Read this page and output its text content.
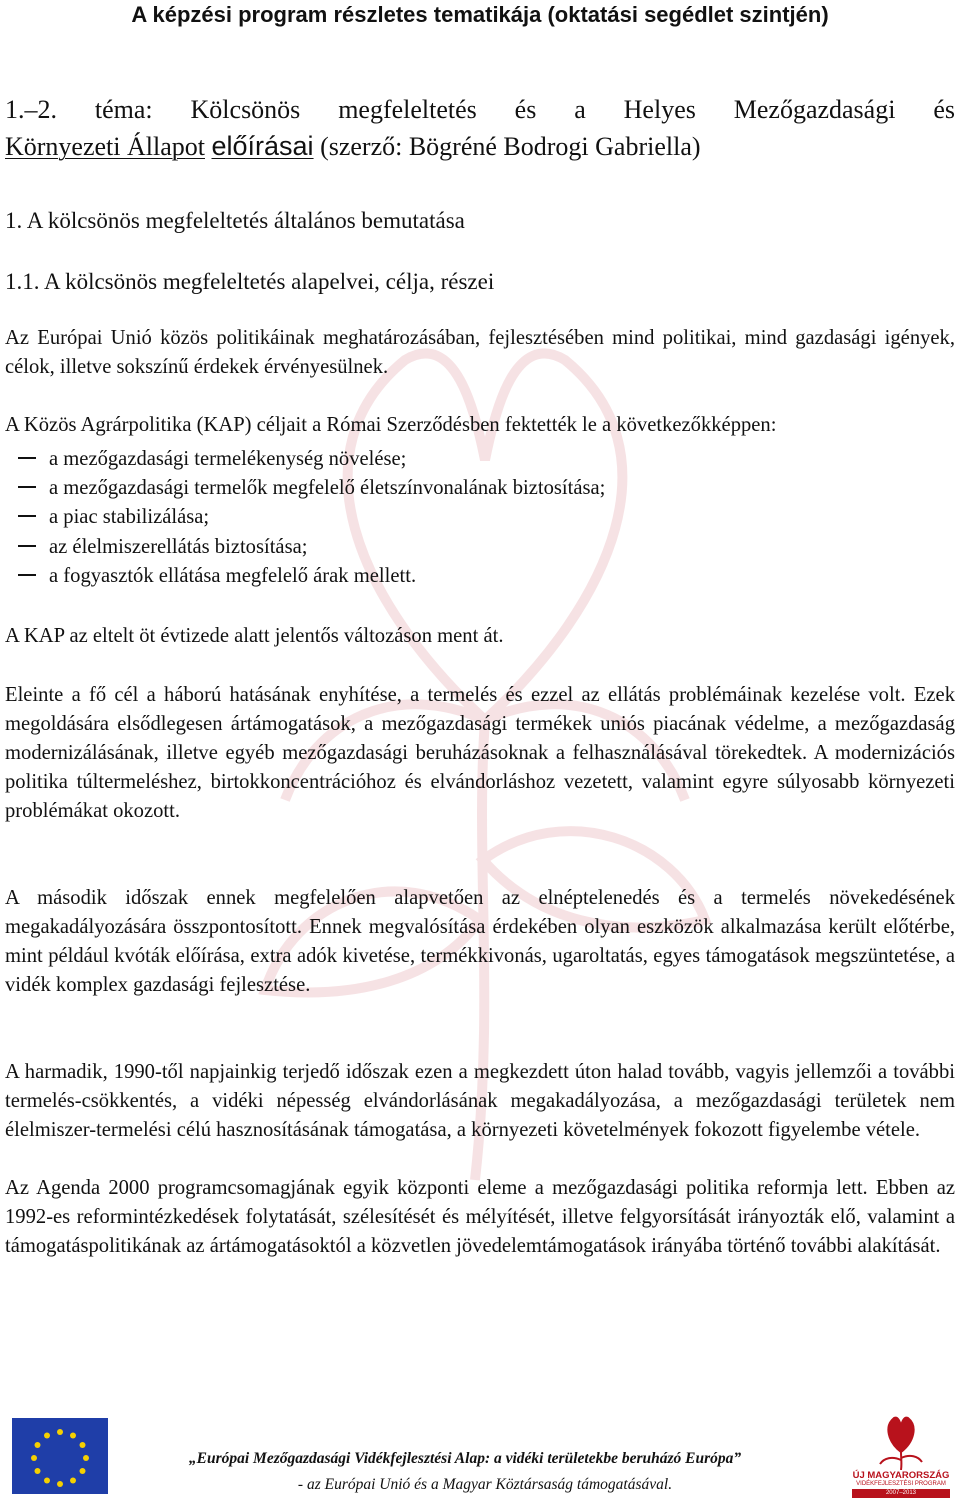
A képzési program részletes tematikája (oktatási segédlet szintjén)
1.–2. téma: Kölcsönös megfeleltetés és a Helyes Mezőgazdasági és
Környezeti Állapot előírásai (szerző: Bögréné Bodrogi Gabriella)
1. A kölcsönös megfeleltetés általános bemutatása
1.1. A kölcsönös megfeleltetés alapelvei, célja, részei

Az Európai Unió közös politikáinak meghatározásában, fejlesztésében mind politikai, mind gazdasági igények, célok, illetve sokszínű érdekek érvényesülnek.

A Közös Agrárpolitika (KAP) céljait a Római Szerződésben fektették le a következőkképpen:

a mezőgazdasági termelékenység növelése;
a mezőgazdasági termelők megfelelő életszínvonalának biztosítása;
a piac stabilizálása;
az élelmiszerellátás biztosítása;
a fogyasztók ellátása megfelelő árak mellett.

A KAP az eltelt öt évtizede alatt jelentős változáson ment át.

Eleinte a fő cél a háború hatásának enyhítése, a termelés és ezzel az ellátás problémáinak kezelése volt. Ezek megoldására elsődlegesen ártámogatások, a mezőgazdasági termékek uniós piacának védelme, a mezőgazdaság modernizálásának, illetve egyéb mezőgazdasági beruházásoknak a felhasználásával törekedtek. A modernizációs politika túltermeléshez, birtokkoncentrációhoz és elvándorláshoz vezetett, valamint egyre súlyosabb környezeti problémákat okozott.

A második időszak ennek megfelelően alapvetően az elnéptelenedés és a termelés növekedésének megakadályozására összpontosított. Ennek megvalósítása érdekében olyan eszközök alkalmazása került előtérbe, mint például kvóták előírása, extra adók kivetése, termékkivonás, ugaroltatás, egyes támogatások megszüntetése, a vidék komplex gazdasági fejlesztése.

A harmadik, 1990-től napjainkig terjedő időszak ezen a megkezdett úton halad tovább, vagyis jellemzői a további termelés-csökkentés, a vidéki népesség elvándorlásának megakadályozása, a mezőgazdasági területek nem élelmiszer-termelési célú hasznosításának támogatása, a környezeti követelmények fokozott figyelembe vétele.

Az Agenda 2000 programcsomagjának egyik központi eleme a mezőgazdasági politika reformja lett. Ebben az 1992-es reformintézkedések folytatását, szélesítését és mélyítését, illetve felgyorsítását irányozták elő, valamint a támogatáspolitikának az ártámogatásoktól a közvetlen jövedelemtámogatások irányába történő további alakítását.

„Európai Mezőgazdasági Vidékfejlesztési Alap: a vidéki területekbe beruházó Európa”
- az Európai Unió és a Magyar Köztársaság támogatásával.
ÚJ MAGYARORSZÁG
VIDÉKFEJLESZTÉSI PROGRAM
2007–2013
